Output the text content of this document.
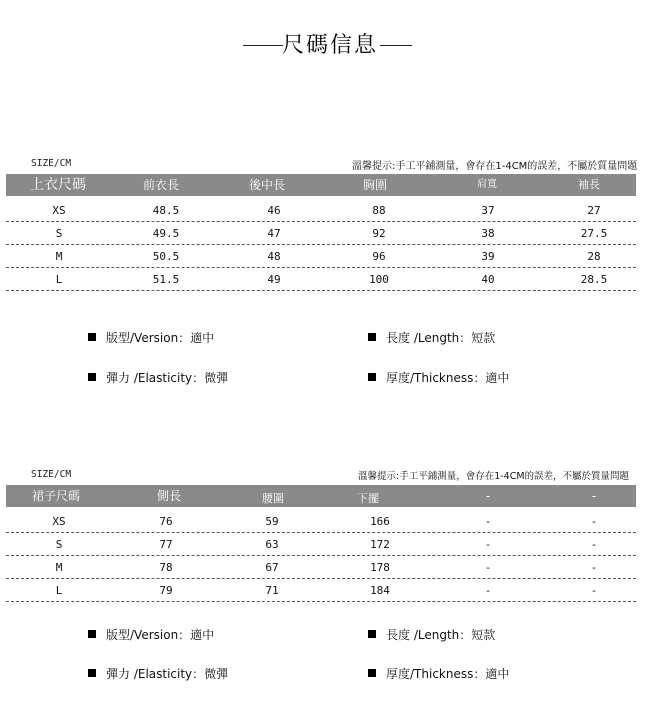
尺碼信息
SIZE/CM	溫馨提示:手工平鋪測量，會存在1-4CM的誤差，不屬於質量問題
上衣尺碼	前衣長	後中長	胸圍	肩寬	袖長
XS	48.5	46	88	37	27
S	49.5	47	92	38	27.5
M	50.5	48	96	39	28
L	51.5	49	100	40	28.5
版型/Version：適中	長度 /Length：短款
彈力 /Elasticity：微彈	厚度/Thickness：適中
SIZE/CM	溫馨提示:手工平鋪測量，會存在1-4CM的誤差，不屬於質量問題
裙子尺碼	側長	腰圍	下擺	-	-
XS	76	59	166	-	-
S	77	63	172	-	-
M	78	67	178	-	-
L	79	71	184	-	-
版型/Version：適中	長度 /Length：短款
彈力 /Elasticity：微彈	厚度/Thickness：適中
